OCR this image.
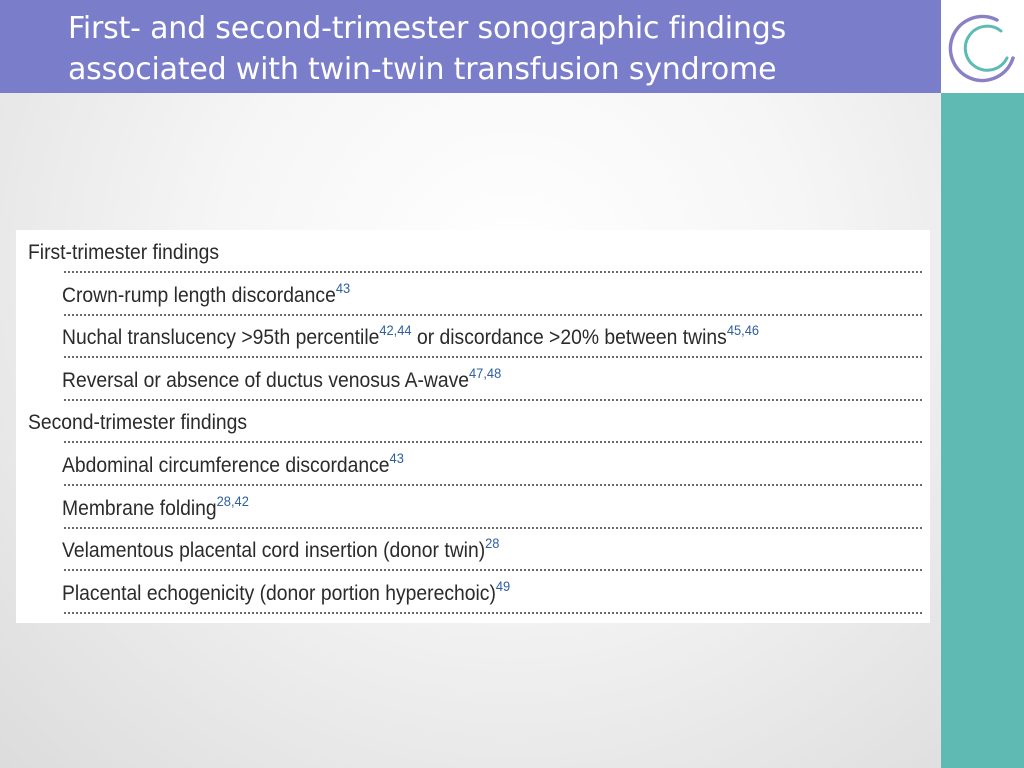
First- and second-trimester sonographic findings
associated with twin-twin transfusion syndrome
First-trimester findings
Crown-rump length discordance$^{43}$
Nuchal translucency >95th percentile$^{42,44}$ or discordance >20% between twins$^{45,46}$
Reversal or absence of ductus venosus A-wave$^{47,48}$
Second-trimester findings
Abdominal circumference discordance$^{43}$
Membrane folding$^{28,42}$
Velamentous placental cord insertion (donor twin)$^{28}$
Placental echogenicity (donor portion hyperechoic)$^{49}$
